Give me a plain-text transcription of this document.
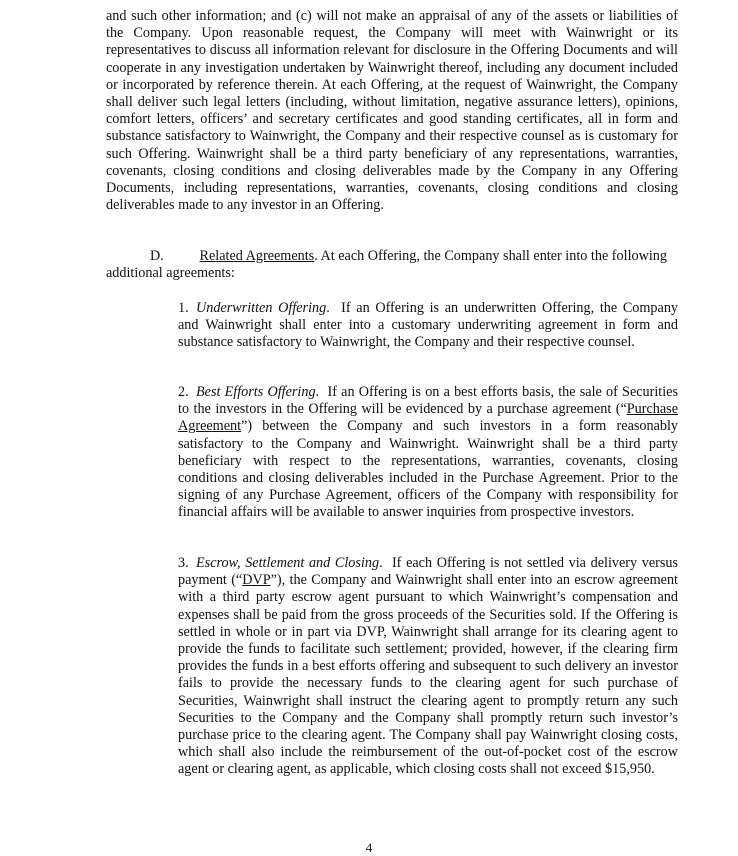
and such other information; and (c) will not make an appraisal of any of the assets or liabilities of the Company. Upon reasonable request, the Company will meet with Wainwright or its representatives to discuss all information relevant for disclosure in the Offering Documents and will cooperate in any investigation undertaken by Wainwright thereof, including any document included or incorporated by reference therein. At each Offering, at the request of Wainwright, the Company shall deliver such legal letters (including, without limitation, negative assurance letters), opinions, comfort letters, officers’ and secretary certificates and good standing certificates, all in form and substance satisfactory to Wainwright, the Company and their respective counsel as is customary for such Offering. Wainwright shall be a third party beneficiary of any representations, warranties, covenants, closing conditions and closing deliverables made by the Company in any Offering Documents, including representations, warranties, covenants, closing conditions and closing deliverables made to any investor in an Offering.
D.	Related Agreements. At each Offering, the Company shall enter into the following additional agreements:
1. Underwritten Offering.  If an Offering is an underwritten Offering, the Company and Wainwright shall enter into a customary underwriting agreement in form and substance satisfactory to Wainwright, the Company and their respective counsel.
2. Best Efforts Offering.  If an Offering is on a best efforts basis, the sale of Securities to the investors in the Offering will be evidenced by a purchase agreement (“Purchase Agreement”) between the Company and such investors in a form reasonably satisfactory to the Company and Wainwright. Wainwright shall be a third party beneficiary with respect to the representations, warranties, covenants, closing conditions and closing deliverables included in the Purchase Agreement. Prior to the signing of any Purchase Agreement, officers of the Company with responsibility for financial affairs will be available to answer inquiries from prospective investors.
3. Escrow, Settlement and Closing.  If each Offering is not settled via delivery versus payment (“DVP”), the Company and Wainwright shall enter into an escrow agreement with a third party escrow agent pursuant to which Wainwright’s compensation and expenses shall be paid from the gross proceeds of the Securities sold. If the Offering is settled in whole or in part via DVP, Wainwright shall arrange for its clearing agent to provide the funds to facilitate such settlement; provided, however, if the clearing firm provides the funds in a best efforts offering and subsequent to such delivery an investor fails to provide the necessary funds to the clearing agent for such purchase of Securities, Wainwright shall instruct the clearing agent to promptly return any such Securities to the Company and the Company shall promptly return such investor’s purchase price to the clearing agent. The Company shall pay Wainwright closing costs, which shall also include the reimbursement of the out-of-pocket cost of the escrow agent or clearing agent, as applicable, which closing costs shall not exceed $15,950.
4
